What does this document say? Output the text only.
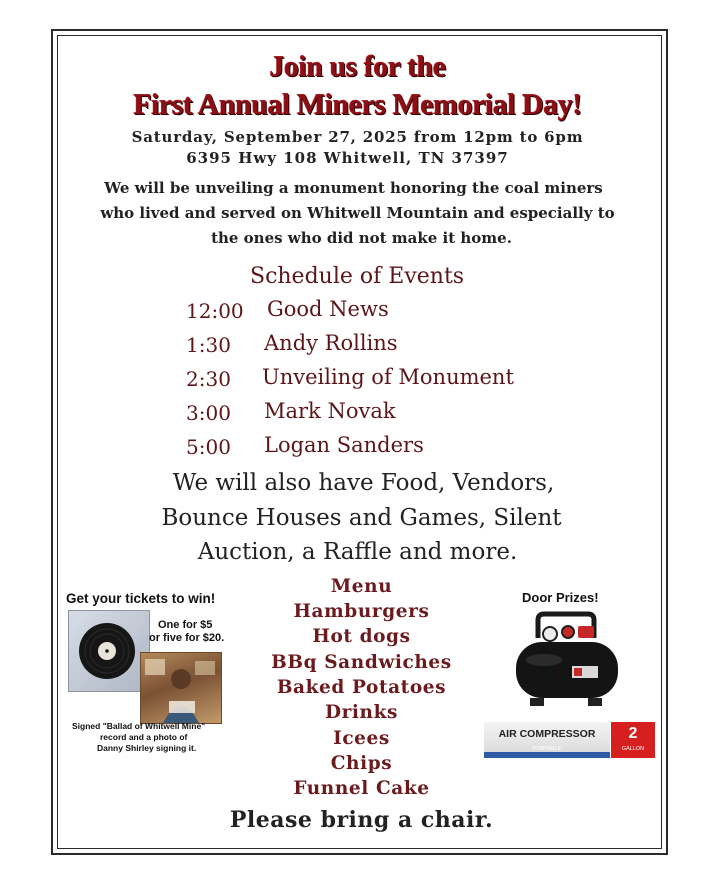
Join us for the
First Annual Miners Memorial Day!
Saturday, September 27, 2025 from 12pm to 6pm
6395 Hwy 108 Whitwell, TN 37397
We will be unveiling a monument honoring the coal miners
who lived and served on Whitwell Mountain and especially to
the ones who did not make it home.
Schedule of Events
12:00	Good News
1:30	Andy Rollins
2:30	Unveiling of Monument
3:00	Mark Novak
5:00	Logan Sanders
We will also have Food, Vendors,
Bounce Houses and Games, Silent
Auction, a Raffle and more.
Menu
Hamburgers
Hot dogs
BBq Sandwiches
Baked Potatoes
Drinks
Icees
Chips
Funnel Cake
Please bring a chair.
Get your tickets to win!
One for $5
or five for $20.
Signed "Ballad of Whitwell Mine"
record and a photo of
Danny Shirley signing it.
Door Prizes!
AIR COMPRESSOR
PORTABLE
2
GALLON
